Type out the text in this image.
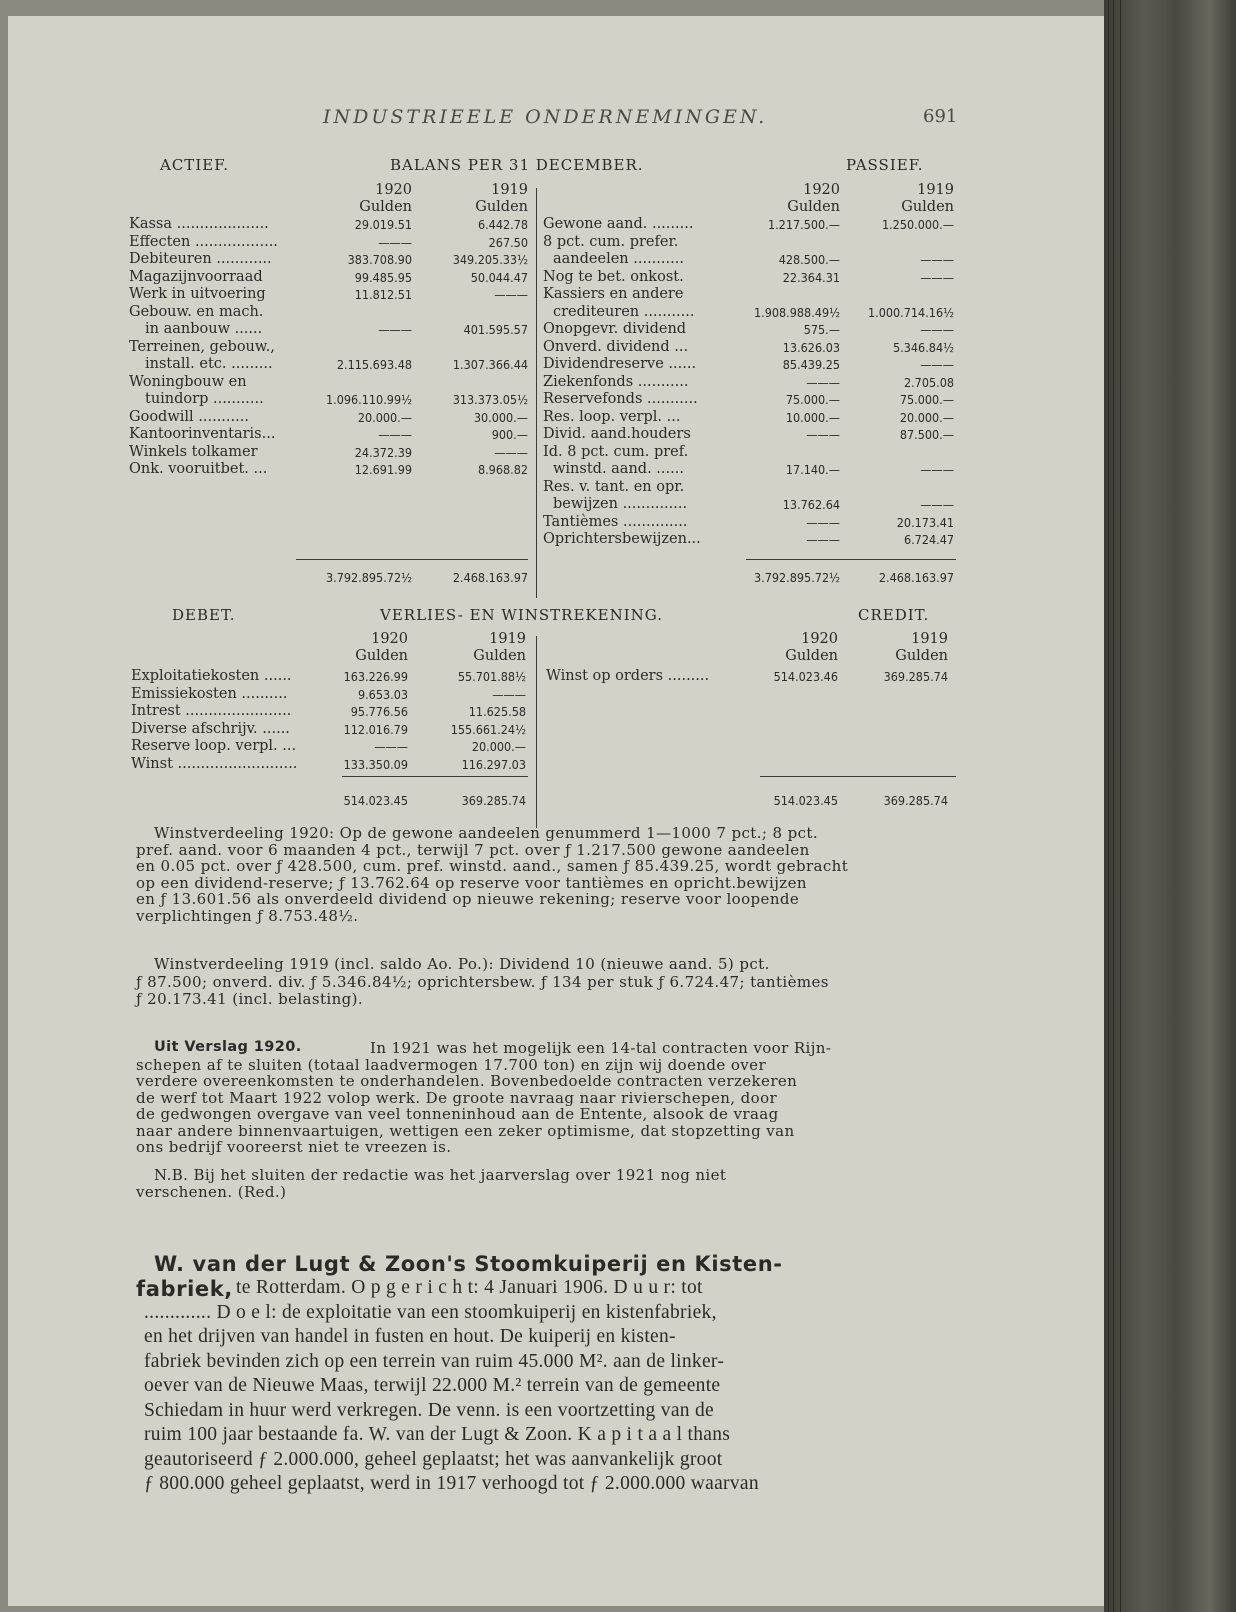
INDUSTRIEELE ONDERNEMINGEN.	691
ACTIEF.	BALANS PER 31 DECEMBER.	PASSIEF.
1920	1919
Gulden	Gulden
1920	1919
Gulden	Gulden
Kassa ....................	29.019.51	6.442.78
Effecten ..................	———	267.50
Debiteuren ............	383.708.90	349.205.33½
Magazijnvoorraad	99.485.95	50.044.47
Werk in uitvoering	11.812.51	———
Gebouw. en mach.
in aanbouw ......	———	401.595.57
Terreinen, gebouw.,
install. etc. .........	2.115.693.48	1.307.366.44
Woningbouw en
tuindorp ...........	1.096.110.99½	313.373.05½
Goodwill ...........	20.000.—	30.000.—
Kantoorinventaris...	———	900.—
Winkels tolkamer	24.372.39	———
Onk. vooruitbet. ...	12.691.99	8.968.82
Gewone aand. .........	1.217.500.—	1.250.000.—
8 pct. cum. prefer.
aandeelen ...........	428.500.—	———
Nog te bet. onkost.	22.364.31	———
Kassiers en andere
crediteuren ...........	1.908.988.49½	1.000.714.16½
Onopgevr. dividend	575.—	———
Onverd. dividend ...	13.626.03	5.346.84½
Dividendreserve ......	85.439.25	———
Ziekenfonds ...........	———	2.705.08
Reservefonds ...........	75.000.—	75.000.—
Res. loop. verpl. ...	10.000.—	20.000.—
Divid. aand.houders	———	87.500.—
Id. 8 pct. cum. pref.
winstd. aand. ......	17.140.—	———
Res. v. tant. en opr.
bewijzen ..............	13.762.64	———
Tantièmes ..............	———	20.173.41
Oprichtersbewijzen...	———	6.724.47
3.792.895.72½	2.468.163.97	3.792.895.72½	2.468.163.97
DEBET.	VERLIES- EN WINSTREKENING.	CREDIT.
1920	1919
Gulden	Gulden
1920	1919
Gulden	Gulden
Exploitatiekosten ......	163.226.99	55.701.88½
Emissiekosten ..........	9.653.03	———
Intrest .......................	95.776.56	11.625.58
Diverse afschrijv. ......	112.016.79	155.661.24½
Reserve loop. verpl. ...	———	20.000.—
Winst ..........................	133.350.09	116.297.03
Winst op orders .........	514.023.46	369.285.74
514.023.45	369.285.74	514.023.45	369.285.74
Winstverdeeling 1920: Op de gewone aandeelen genummerd 1—1000 7 pct.; 8 pct.
pref. aand. voor 6 maanden 4 pct., terwijl 7 pct. over ƒ 1.217.500 gewone aandeelen
en 0.05 pct. over ƒ 428.500, cum. pref. winstd. aand., samen ƒ 85.439.25, wordt gebracht
op een dividend-reserve; ƒ 13.762.64 op reserve voor tantièmes en opricht.bewijzen
en ƒ 13.601.56 als onverdeeld dividend op nieuwe rekening; reserve voor loopende
verplichtingen ƒ 8.753.48½.
Winstverdeeling 1919 (incl. saldo Ao. Po.): Dividend 10 (nieuwe aand. 5) pct.
ƒ 87.500; onverd. div. ƒ 5.346.84½; oprichtersbew. ƒ 134 per stuk ƒ 6.724.47; tantièmes
ƒ 20.173.41 (incl. belasting).
Uit Verslag 1920.	In 1921 was het mogelijk een 14-tal contracten voor Rijn-
schepen af te sluiten (totaal laadvermogen 17.700 ton) en zijn wij doende over
verdere overeenkomsten te onderhandelen. Bovenbedoelde contracten verzekeren
de werf tot Maart 1922 volop werk. De groote navraag naar rivierschepen, door
de gedwongen overgave van veel tonneninhoud aan de Entente, alsook de vraag
naar andere binnenvaartuigen, wettigen een zeker optimisme, dat stopzetting van
ons bedrijf vooreerst niet te vreezen is.
N.B. Bij het sluiten der redactie was het jaarverslag over 1921 nog niet
verschenen. (Red.)
W. van der Lugt & Zoon's Stoomkuiperij en Kisten-
fabriek, te Rotterdam. O p g e r i c h t: 4 Januari 1906. D u u r: tot
............. D o e l: de exploitatie van een stoomkuiperij en kistenfabriek,
en het drijven van handel in fusten en hout. De kuiperij en kisten-
fabriek bevinden zich op een terrein van ruim 45.000 M². aan de linker-
oever van de Nieuwe Maas, terwijl 22.000 M.² terrein van de gemeente
Schiedam in huur werd verkregen. De venn. is een voortzetting van de
ruim 100 jaar bestaande fa. W. van der Lugt & Zoon. K a p i t a a l thans
geautoriseerd ƒ 2.000.000, geheel geplaatst; het was aanvankelijk groot
ƒ 800.000 geheel geplaatst, werd in 1917 verhoogd tot ƒ 2.000.000 waarvan
